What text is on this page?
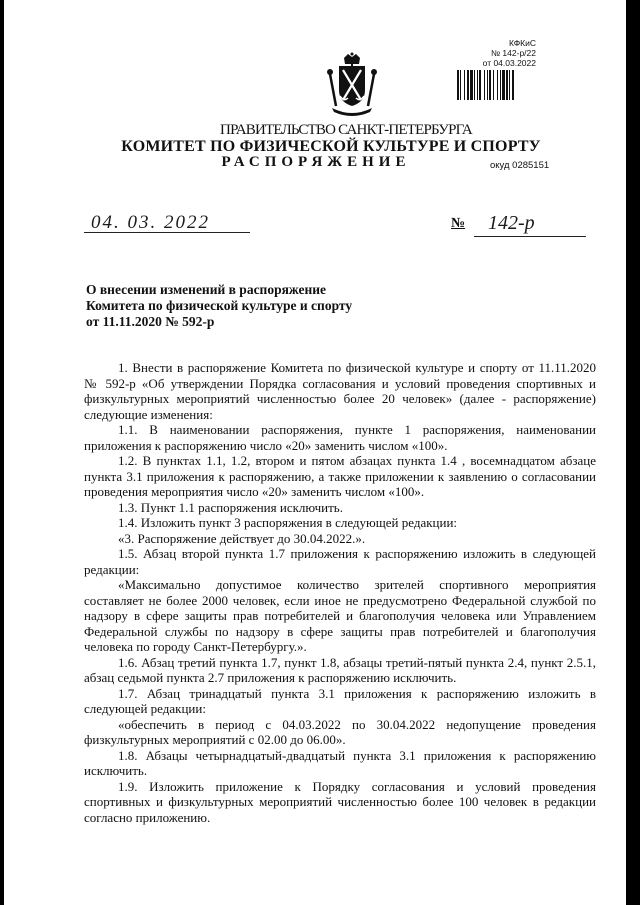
КФКиС
№ 142-р/22
от 04.03.2022
ПРАВИТЕЛЬСТВО САНКТ-ПЕТЕРБУРГА
КОМИТЕТ ПО ФИЗИЧЕСКОЙ КУЛЬТУРЕ И СПОРТУ
РАСПОРЯЖЕНИЕ	окуд 0285151
04. 03. 2022	№ 142-р
О внесении изменений в распоряжение
Комитета по физической культуре и спорту
от 11.11.2020 № 592-р

1. Внести в распоряжение Комитета по физической культуре и спорту от 11.11.2020 № 592-р «Об утверждении Порядка согласования и условий проведения спортивных и физкультурных мероприятий численностью более 20 человек» (далее - распоряжение) следующие изменения:

1.1. В наименовании распоряжения, пункте 1 распоряжения, наименовании приложения к распоряжению число «20» заменить числом «100».

1.2. В пунктах 1.1, 1.2, втором и пятом абзацах пункта 1.4 , восемнадцатом абзаце пункта 3.1 приложения к распоряжению, а также приложении к заявлению о согласовании проведения мероприятия число «20» заменить числом «100».

1.3. Пункт 1.1 распоряжения исключить.

1.4. Изложить пункт 3 распоряжения в следующей редакции:

«3. Распоряжение действует до 30.04.2022.».

1.5. Абзац второй пункта 1.7 приложения к распоряжению изложить в следующей редакции:

«Максимально допустимое количество зрителей спортивного мероприятия составляет не более 2000 человек, если иное не предусмотрено Федеральной службой по надзору в сфере защиты прав потребителей и благополучия человека или Управлением Федеральной службы по надзору в сфере защиты прав потребителей и благополучия человека по городу Санкт-Петербургу.».

1.6. Абзац третий пункта 1.7, пункт 1.8, абзацы третий-пятый пункта 2.4, пункт 2.5.1, абзац седьмой пункта 2.7 приложения к распоряжению исключить.

1.7. Абзац тринадцатый пункта 3.1 приложения к распоряжению изложить в следующей редакции:

«обеспечить в период с 04.03.2022 по 30.04.2022 недопущение проведения физкультурных мероприятий с 02.00 до 06.00».

1.8. Абзацы четырнадцатый-двадцатый пункта 3.1 приложения к распоряжению исключить.

1.9. Изложить приложение к Порядку согласования и условий проведения спортивных и физкультурных мероприятий численностью более 100 человек в редакции согласно приложению.
